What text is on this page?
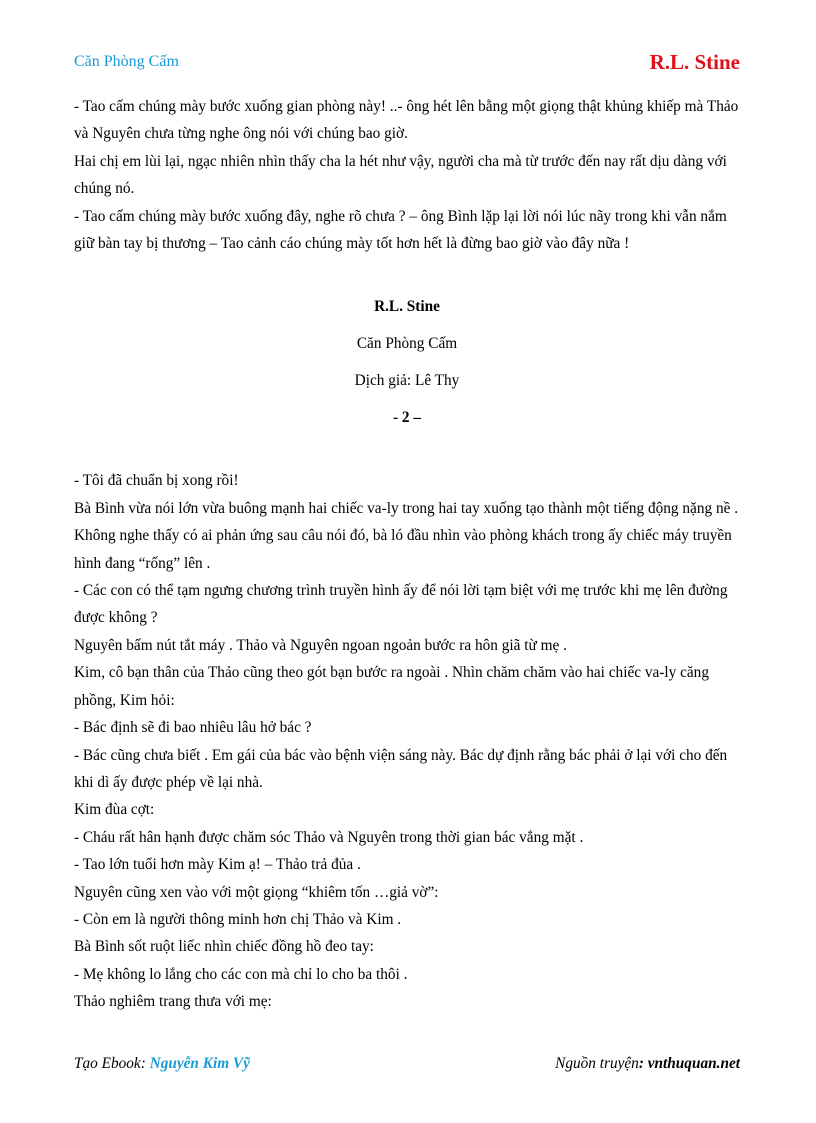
Căn Phòng Cấm	R.L. Stine

- Tao cấm chúng mày bước xuống gian phòng này! ..- ông hét lên bằng một giọng thật khủng khiếp mà Thảo và Nguyên chưa từng nghe ông nói với chúng bao giờ.

Hai chị em lùi lại, ngạc nhiên nhìn thấy cha la hét như vậy, người cha mà từ trước đến nay rất dịu dàng với chúng nó.

- Tao cấm chúng mày bước xuống đây, nghe rõ chưa ? – ông Bình lặp lại lời nói lúc nãy trong khi vẫn nắm giữ bàn tay bị thương – Tao cảnh cáo chúng mày tốt hơn hết là đừng bao giờ vào đây nữa !

R.L. Stine

Căn Phòng Cấm

Dịch giả: Lê Thy

- 2 –

- Tôi đã chuẩn bị xong rồi!

Bà Bình vừa nói lớn vừa buông mạnh hai chiếc va-ly trong hai tay xuống tạo thành một tiếng động nặng nề . Không nghe thấy có ai phản ứng sau câu nói đó, bà ló đầu nhìn vào phòng khách trong ấy chiếc máy truyền hình đang “rống” lên .

- Các con có thể tạm ngưng chương trình truyền hình ấy để nói lời tạm biệt với mẹ trước khi mẹ lên đường được không ?

Nguyên bấm nút tắt máy . Thảo và Nguyên ngoan ngoản bước ra hôn giã từ mẹ .

Kim, cô bạn thân của Thảo cũng theo gót bạn bước ra ngoài . Nhìn chăm chăm vào hai chiếc va-ly căng phồng, Kim hỏi:

- Bác định sẽ đi bao nhiêu lâu hở bác ?

- Bác cũng chưa biết . Em gái của bác vào bệnh viện sáng này. Bác dự định rằng bác phải ở lại với cho đến khi dì ấy được phép về lại nhà.

Kim đùa cợt:

- Cháu rất hân hạnh được chăm sóc Thảo và Nguyên trong thời gian bác vắng mặt .

- Tao lớn tuổi hơn mày Kim ạ! – Thảo trả đủa .

Nguyên cũng xen vào với một giọng “khiêm tốn …giả vờ”:

- Còn em là người thông minh hơn chị Thảo và Kim .

Bà Bình sốt ruột liếc nhìn chiếc đồng hồ đeo tay:

- Mẹ không lo lắng cho các con mà chỉ lo cho ba thôi .

Thảo nghiêm trang thưa với mẹ:

Tạo Ebook: Nguyễn Kim Vỹ	Nguồn truyện: vnthuquan.net
